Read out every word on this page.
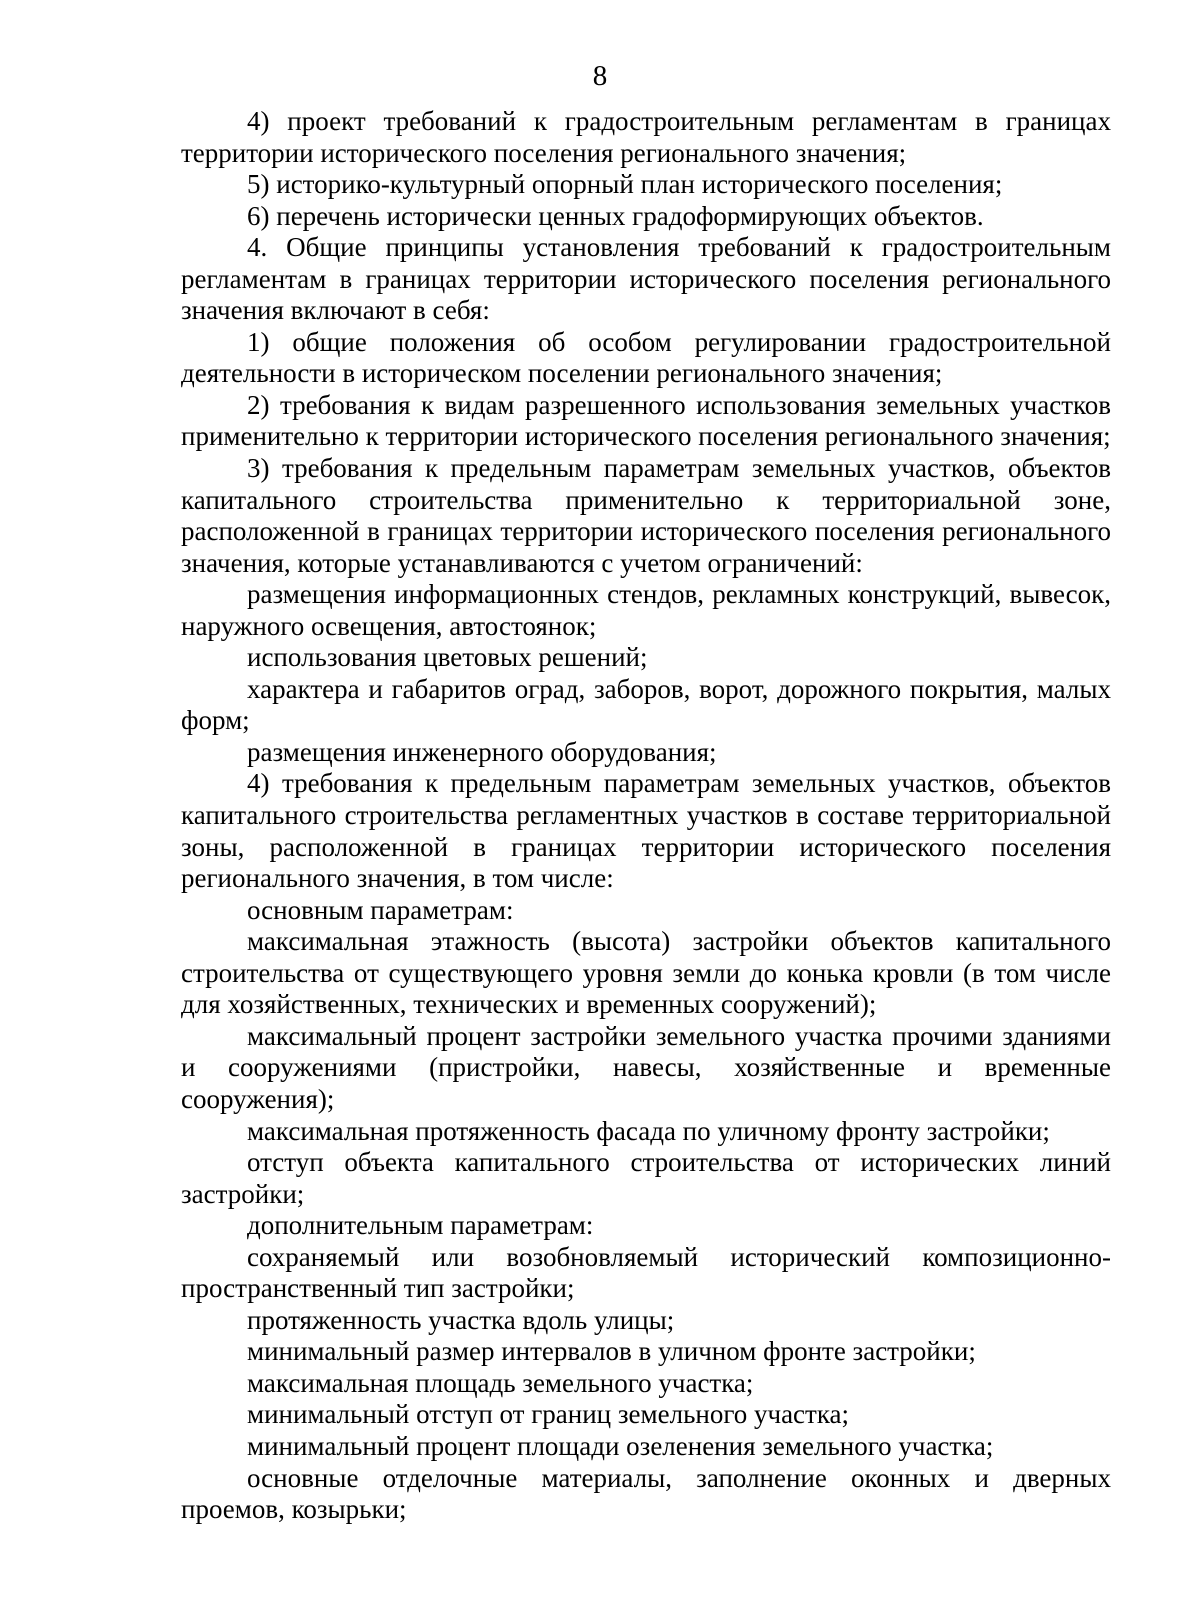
8

4) проект требований к градостроительным регламентам в границах территории исторического поселения регионального значения;

5) историко-культурный опорный план исторического поселения;

6) перечень исторически ценных градоформирующих объектов.

4. Общие принципы установления требований к градостроительным регламентам в границах территории исторического поселения регионального значения включают в себя:

1) общие положения об особом регулировании градостроительной деятельности в историческом поселении регионального значения;

2) требования к видам разрешенного использования земельных участков применительно к территории исторического поселения регионального значения;

3) требования к предельным параметрам земельных участков, объектов капитального строительства применительно к территориальной зоне, расположенной в границах территории исторического поселения регионального значения, которые устанавливаются с учетом ограничений:

размещения информационных стендов, рекламных конструкций, вывесок, наружного освещения, автостоянок;

использования цветовых решений;

характера и габаритов оград, заборов, ворот, дорожного покрытия, малых форм;

размещения инженерного оборудования;

4) требования к предельным параметрам земельных участков, объектов капитального строительства регламентных участков в составе территориальной зоны, расположенной в границах территории исторического поселения регионального значения, в том числе:

основным параметрам:

максимальная этажность (высота) застройки объектов капитального строительства от существующего уровня земли до конька кровли (в том числе для хозяйственных, технических и временных сооружений);

максимальный процент застройки земельного участка прочими зданиями и сооружениями (пристройки, навесы, хозяйственные и временные сооружения);

максимальная протяженность фасада по уличному фронту застройки;

отступ объекта капитального строительства от исторических линий застройки;

дополнительным параметрам:

сохраняемый или возобновляемый исторический композиционно-пространственный тип застройки;

протяженность участка вдоль улицы;

минимальный размер интервалов в уличном фронте застройки;

максимальная площадь земельного участка;

минимальный отступ от границ земельного участка;

минимальный процент площади озеленения земельного участка;

основные отделочные материалы, заполнение оконных и дверных проемов, козырьки;
